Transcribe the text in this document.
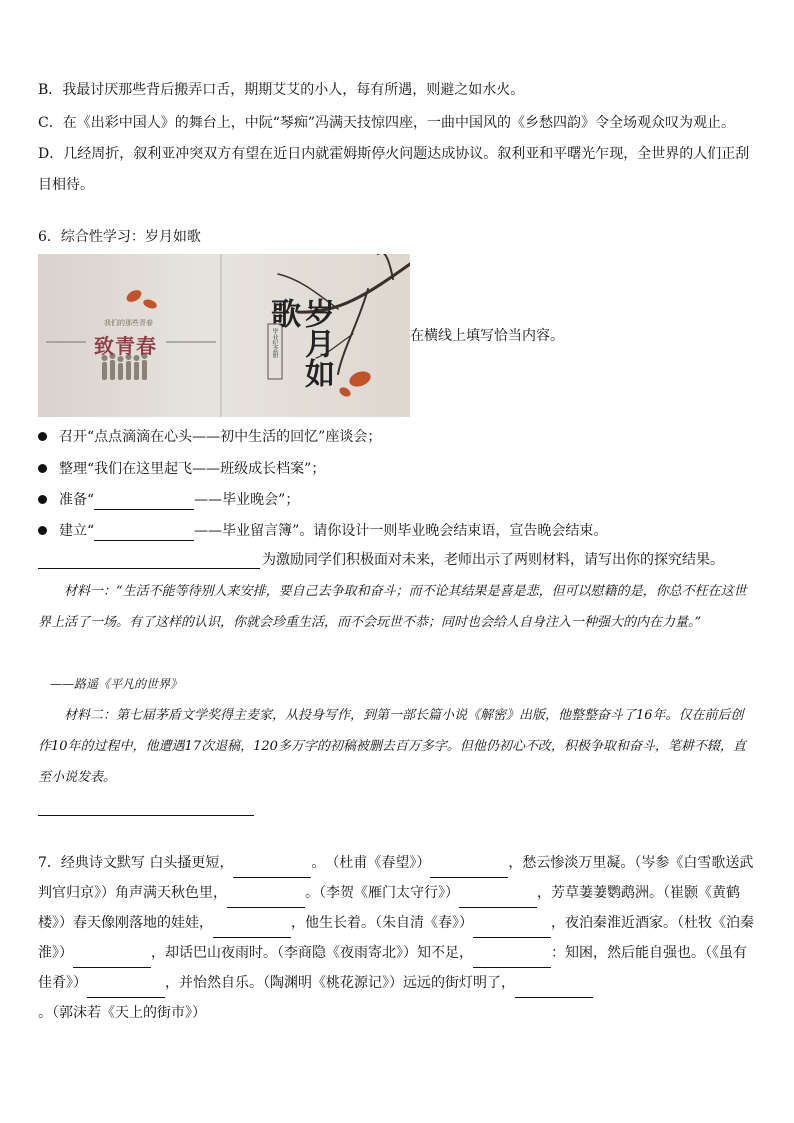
B．我最讨厌那些背后搬弄口舌，期期艾艾的小人，每有所遇，则避之如水火。
C．在《出彩中国人》的舞台上，中阮“琴痴”冯满天技惊四座，一曲中国风的《乡愁四韵》令全场观众叹为观止。
D．几经周折，叙利亚冲突双方有望在近日内就霍姆斯停火问题达成协议。叙利亚和平曙光乍现，全世界的人们正刮目相待。
6．综合性学习：岁月如歌
我们的那些青春
致青春	岁月如歌
毕业纪念册	在横线上填写恰当内容。
召开“点点滴滴在心头——初中生活的回忆”座谈会；
整理“我们在这里起飞——班级成长档案”；
准备“	——毕业晚会”；
建立“	——毕业留言簿”。请你设计一则毕业晚会结束语，宣告晚会结束。
为激励同学们积极面对未来，老师出示了两则材料，请写出你的探究结果。
材料一：“生活不能等待别人来安排，要自己去争取和奋斗；而不论其结果是喜是悲，但可以慰籍的是，你总不枉在这世界上活了一场。有了这样的认识，你就会珍重生活，而不会玩世不恭；同时也会给人自身注入一种强大的内在力量。”
——路遥《平凡的世界》
材料二：第七届茅盾文学奖得主麦家，从投身写作，到第一部长篇小说《解密》出版，他整整奋斗了16年。仅在前后创作10年的过程中，他遭遇17次退稿，120多万字的初稿被删去百万多字。但他仍初心不改，积极争取和奋斗，笔耕不辍，直至小说发表。
7．经典诗文默写 白头搔更短，	。　（杜甫《春望》）	，愁云惨淡万里凝。（岑参《白雪歌送武判官归京》）角声满天秋色里，	。（李贺《雁门太守行》）	，芳草萋萋鹦鹉洲。（崔颢《黄鹤楼》）春天像刚落地的娃娃，	，他生长着。（朱自清《春》）	，夜泊秦淮近酒家。（杜牧《泊秦淮》）	，却话巴山夜雨时。（李商隐《夜雨寄北》）知不足，	：知困，然后能自强也。（《虽有佳肴》）	，并怡然自乐。（陶渊明《桃花源记》）远远的街灯明了，。（郭沫若《天上的街市》）
